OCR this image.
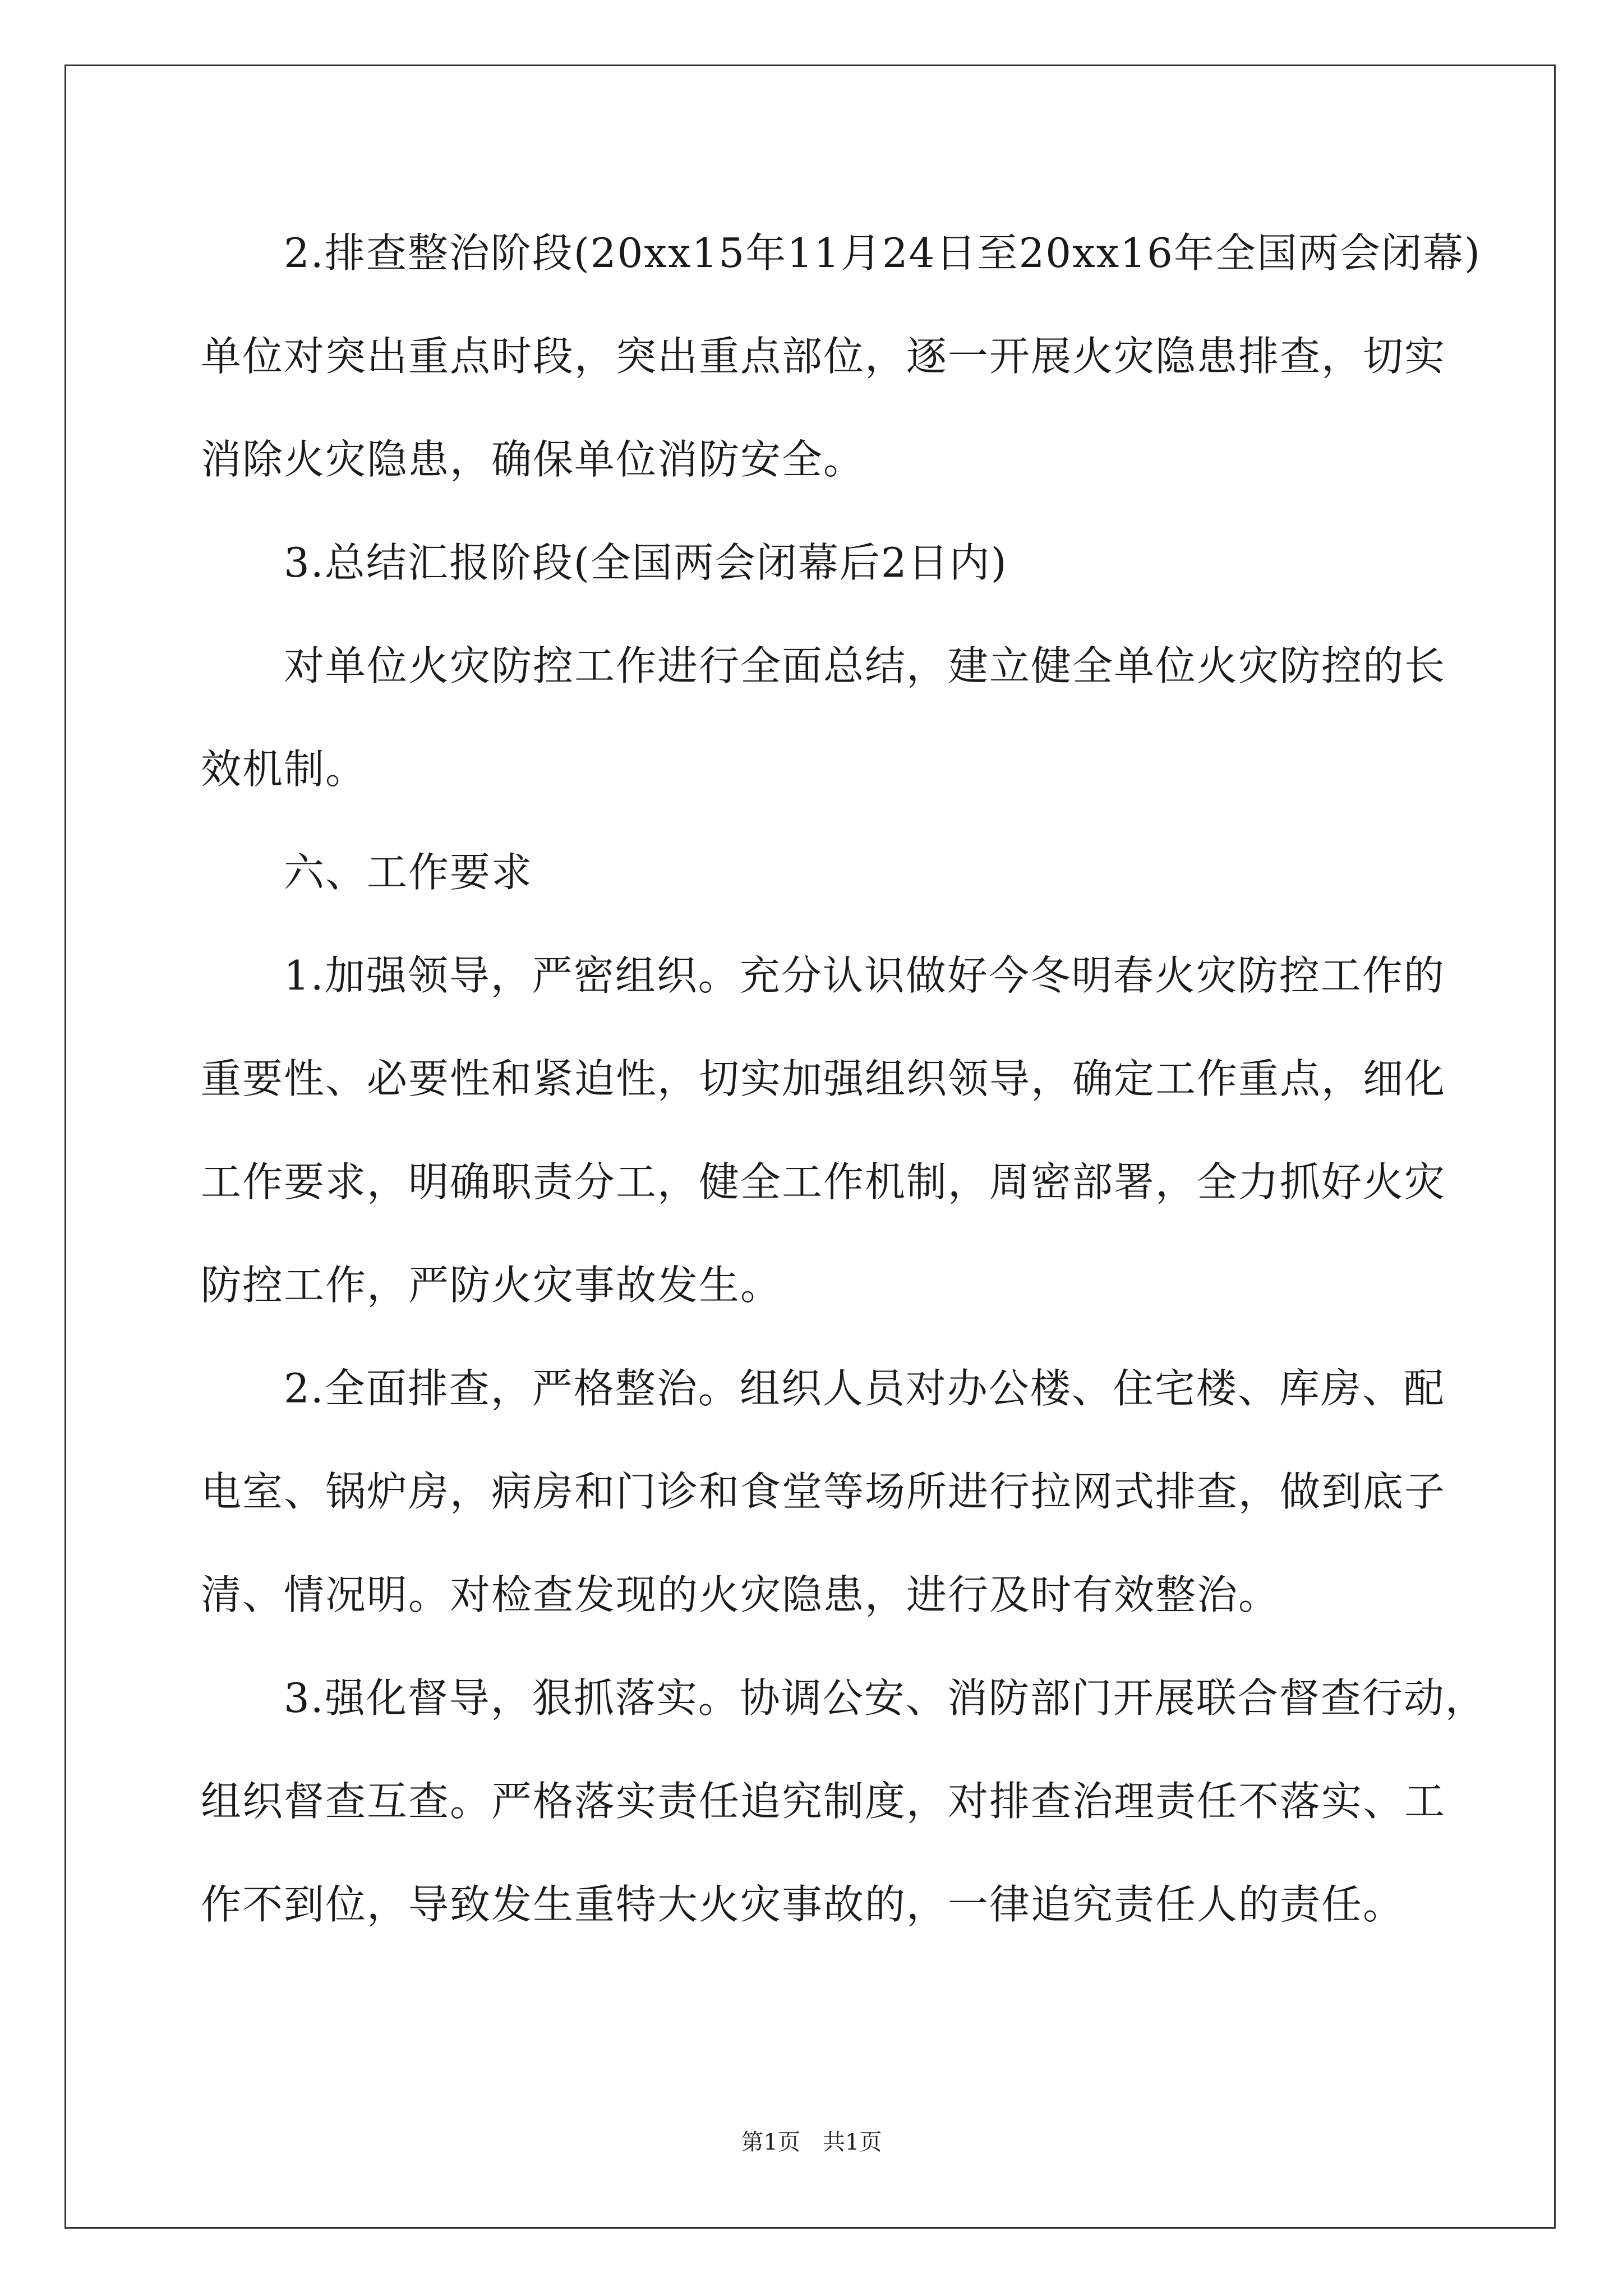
　　2.排查整治阶段(20xx15年11月24日至20xx16年全国两会闭幕)
单位对突出重点时段，突出重点部位，逐一开展火灾隐患排查，切实
消除火灾隐患，确保单位消防安全。
　　3.总结汇报阶段(全国两会闭幕后2日内)
　　对单位火灾防控工作进行全面总结，建立健全单位火灾防控的长
效机制。
　　六、工作要求
　　1.加强领导，严密组织。充分认识做好今冬明春火灾防控工作的
重要性、必要性和紧迫性，切实加强组织领导，确定工作重点，细化
工作要求，明确职责分工，健全工作机制，周密部署，全力抓好火灾
防控工作，严防火灾事故发生。
　　2.全面排查，严格整治。组织人员对办公楼、住宅楼、库房、配
电室、锅炉房，病房和门诊和食堂等场所进行拉网式排查，做到底子
清、情况明。对检查发现的火灾隐患，进行及时有效整治。
　　3.强化督导，狠抓落实。协调公安、消防部门开展联合督查行动，
组织督查互查。严格落实责任追究制度，对排查治理责任不落实、工
作不到位，导致发生重特大火灾事故的，一律追究责任人的责任。
第1页　共1页
